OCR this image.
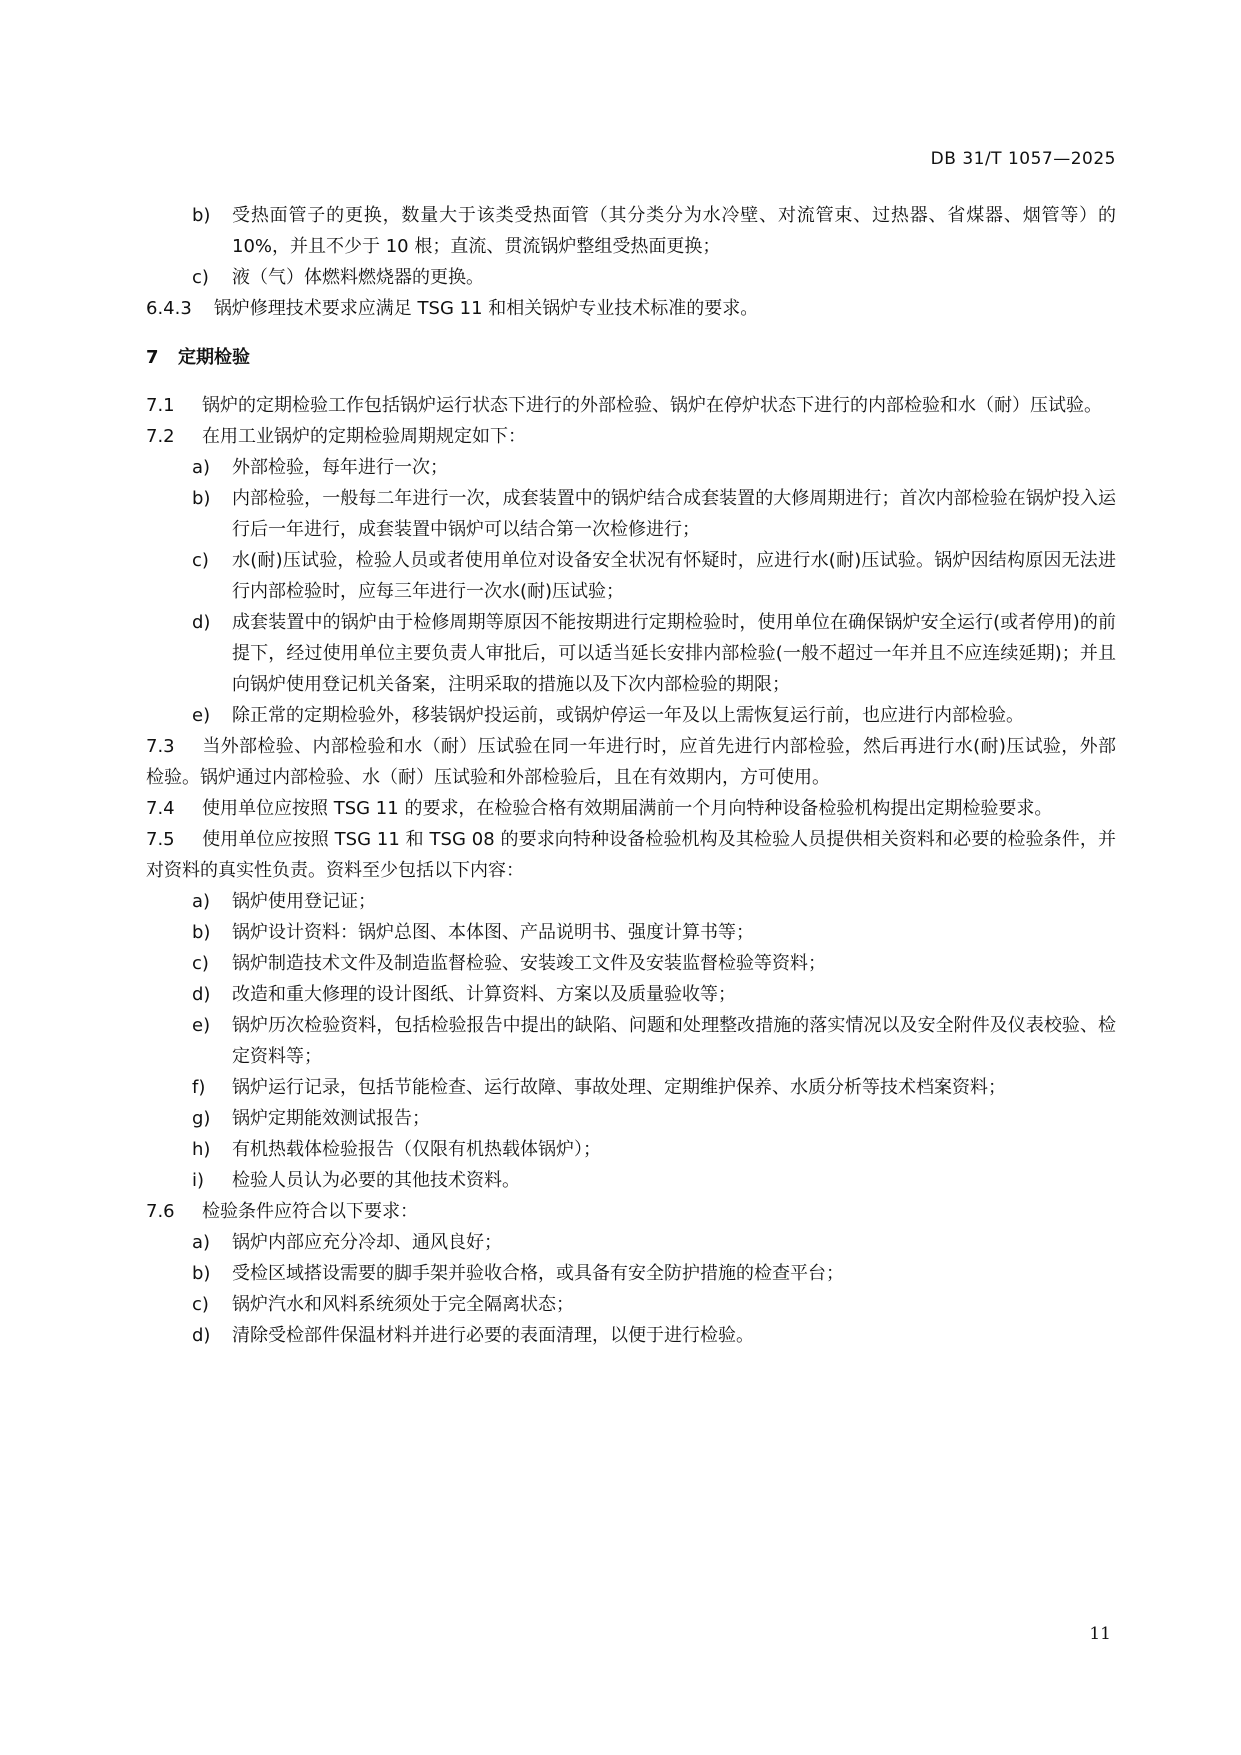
DB 31/T 1057—2025
b)	受热面管子的更换，数量大于该类受热面管（其分类分为水冷壁、对流管束、过热器、省煤器、烟管等）的 10%，并且不少于 10 根；直流、贯流锅炉整组受热面更换；
c)	液（气）体燃料燃烧器的更换。
6.4.3 锅炉修理技术要求应满足 TSG 11 和相关锅炉专业技术标准的要求。
7 定期检验
7.1 锅炉的定期检验工作包括锅炉运行状态下进行的外部检验、锅炉在停炉状态下进行的内部检验和水（耐）压试验。
7.2 在用工业锅炉的定期检验周期规定如下：
a)	外部检验，每年进行一次；
b)	内部检验，一般每二年进行一次，成套装置中的锅炉结合成套装置的大修周期进行；首次内部检验在锅炉投入运行后一年进行，成套装置中锅炉可以结合第一次检修进行；
c)	水(耐)压试验，检验人员或者使用单位对设备安全状况有怀疑时，应进行水(耐)压试验。锅炉因结构原因无法进行内部检验时，应每三年进行一次水(耐)压试验；
d)	成套装置中的锅炉由于检修周期等原因不能按期进行定期检验时，使用单位在确保锅炉安全运行(或者停用)的前提下，经过使用单位主要负责人审批后，可以适当延长安排内部检验(一般不超过一年并且不应连续延期)；并且向锅炉使用登记机关备案，注明采取的措施以及下次内部检验的期限；
e)	除正常的定期检验外，移装锅炉投运前，或锅炉停运一年及以上需恢复运行前，也应进行内部检验。
7.3 当外部检验、内部检验和水（耐）压试验在同一年进行时，应首先进行内部检验，然后再进行水(耐)压试验，外部检验。锅炉通过内部检验、水（耐）压试验和外部检验后，且在有效期内，方可使用。
7.4 使用单位应按照 TSG 11 的要求，在检验合格有效期届满前一个月向特种设备检验机构提出定期检验要求。
7.5 使用单位应按照 TSG 11 和 TSG 08 的要求向特种设备检验机构及其检验人员提供相关资料和必要的检验条件，并对资料的真实性负责。资料至少包括以下内容：
a)	锅炉使用登记证；
b)	锅炉设计资料：锅炉总图、本体图、产品说明书、强度计算书等；
c)	锅炉制造技术文件及制造监督检验、安装竣工文件及安装监督检验等资料；
d)	改造和重大修理的设计图纸、计算资料、方案以及质量验收等；
e)	锅炉历次检验资料，包括检验报告中提出的缺陷、问题和处理整改措施的落实情况以及安全附件及仪表校验、检定资料等；
f)	锅炉运行记录，包括节能检查、运行故障、事故处理、定期维护保养、水质分析等技术档案资料；
g)	锅炉定期能效测试报告；
h)	有机热载体检验报告（仅限有机热载体锅炉）；
i)	检验人员认为必要的其他技术资料。
7.6 检验条件应符合以下要求：
a)	锅炉内部应充分冷却、通风良好；
b)	受检区域搭设需要的脚手架并验收合格，或具备有安全防护措施的检查平台；
c)	锅炉汽水和风料系统须处于完全隔离状态；
d)	清除受检部件保温材料并进行必要的表面清理，以便于进行检验。
11
